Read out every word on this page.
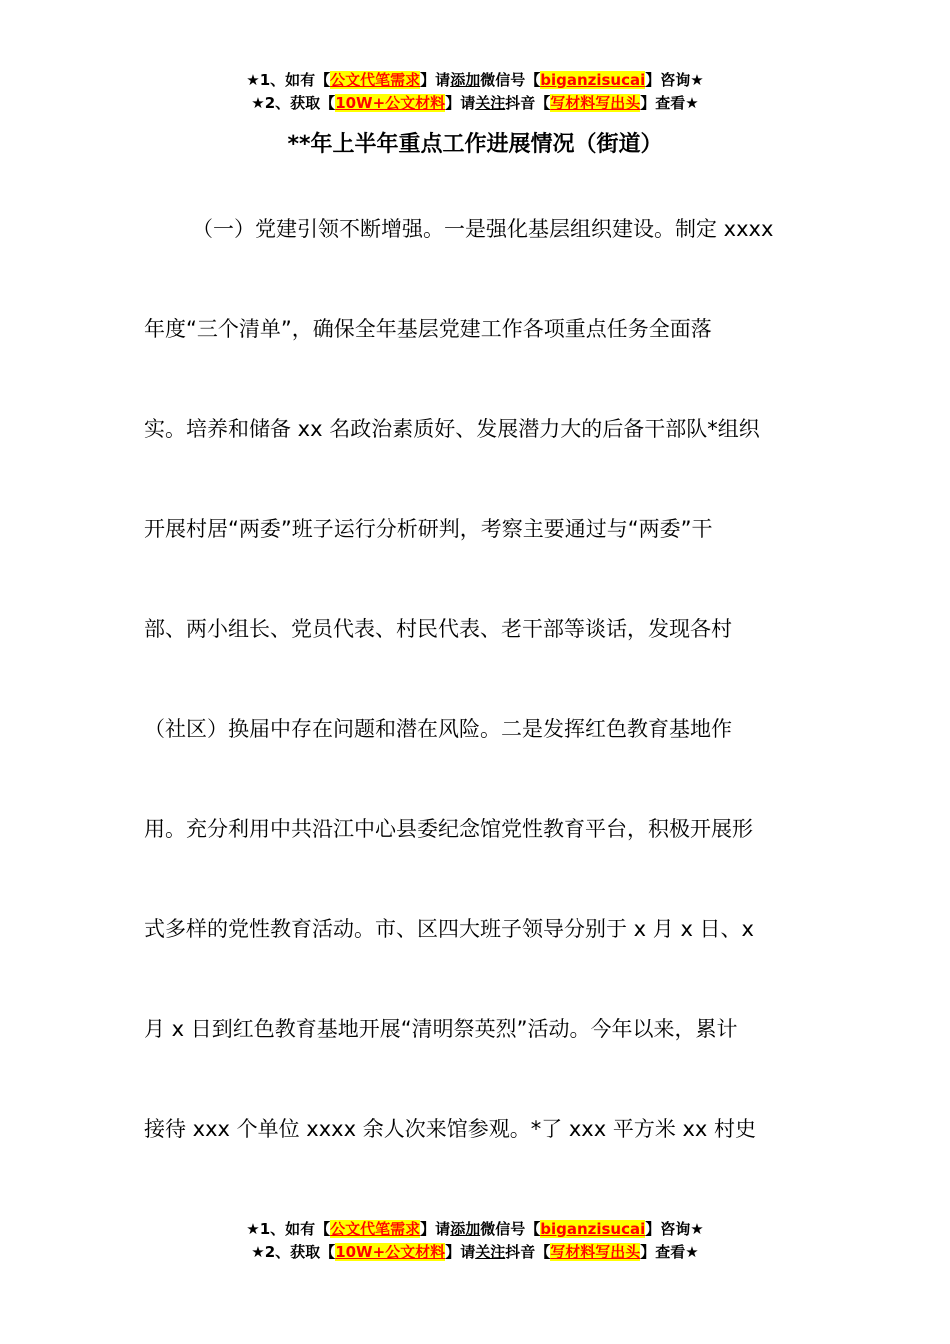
★1、如有【公文代笔需求】请添加微信号【biganzisucai】咨询★
★2、获取【10W+公文材料】请关注抖音【写材料写出头】查看★
**年上半年重点工作进展情况（街道）
（一）党建引领不断增强。一是强化基层组织建设。制定 xxxx
年度“三个清单”，确保全年基层党建工作各项重点任务全面落
实。培养和储备 xx 名政治素质好、发展潜力大的后备干部队*组织
开展村居“两委”班子运行分析研判，考察主要通过与“两委”干
部、两小组长、党员代表、村民代表、老干部等谈话，发现各村
（社区）换届中存在问题和潜在风险。二是发挥红色教育基地作
用。充分利用中共沿江中心县委纪念馆党性教育平台，积极开展形
式多样的党性教育活动。市、区四大班子领导分别于 x 月 x 日、x
月 x 日到红色教育基地开展“清明祭英烈”活动。今年以来，累计
接待 xxx 个单位 xxxx 余人次来馆参观。*了 xxx 平方米 xx 村史
★1、如有【公文代笔需求】请添加微信号【biganzisucai】咨询★
★2、获取【10W+公文材料】请关注抖音【写材料写出头】查看★
